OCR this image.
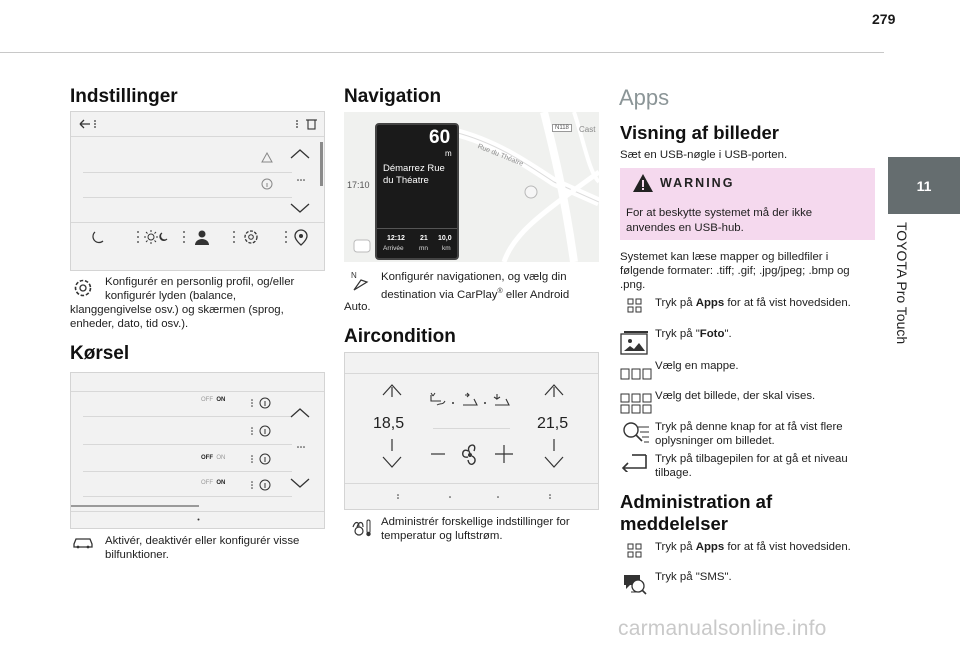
279
11
TOYOTA Pro Touch
Indstillinger
Konfigurér en personlig profil, og/eller
konfigurér lyden (balance,
klanggengivelse osv.) og skærmen (sprog,
enheder, dato, tid osv.).
Kørsel
OFF ON
OFF ON
OFF ON
Aktivér, deaktivér eller konfigurér visse
bilfunktioner.
Navigation
Rue du Théatre
N118	Cast
17:10
60
m
Démarrez Rue
du Théatre
12:12
Arrivée
21
mn
10,0
km
N Konfigurér navigationen, og vælg din
destination via CarPlay® eller Android
Auto.
Aircondition
18,5	21,5
Administrér forskellige indstillinger for
temperatur og luftstrøm.
Apps
Visning af billeder
Sæt en USB-nøgle i USB-porten.
WARNING
For at beskytte systemet må der ikke
anvendes en USB-hub.
Systemet kan læse mapper og billedfiler i
følgende formater: .tiff; .gif; .jpg/jpeg; .bmp og
.png.
Tryk på Apps for at få vist hovedsiden.
Tryk på "Foto".
Vælg en mappe.
Vælg det billede, der skal vises.
Tryk på denne knap for at få vist flere
oplysninger om billedet.
Tryk på tilbagepilen for at gå et niveau
tilbage.
Administration af
meddelelser
Tryk på Apps for at få vist hovedsiden.
Tryk på "SMS".
carmanualsonline.info
